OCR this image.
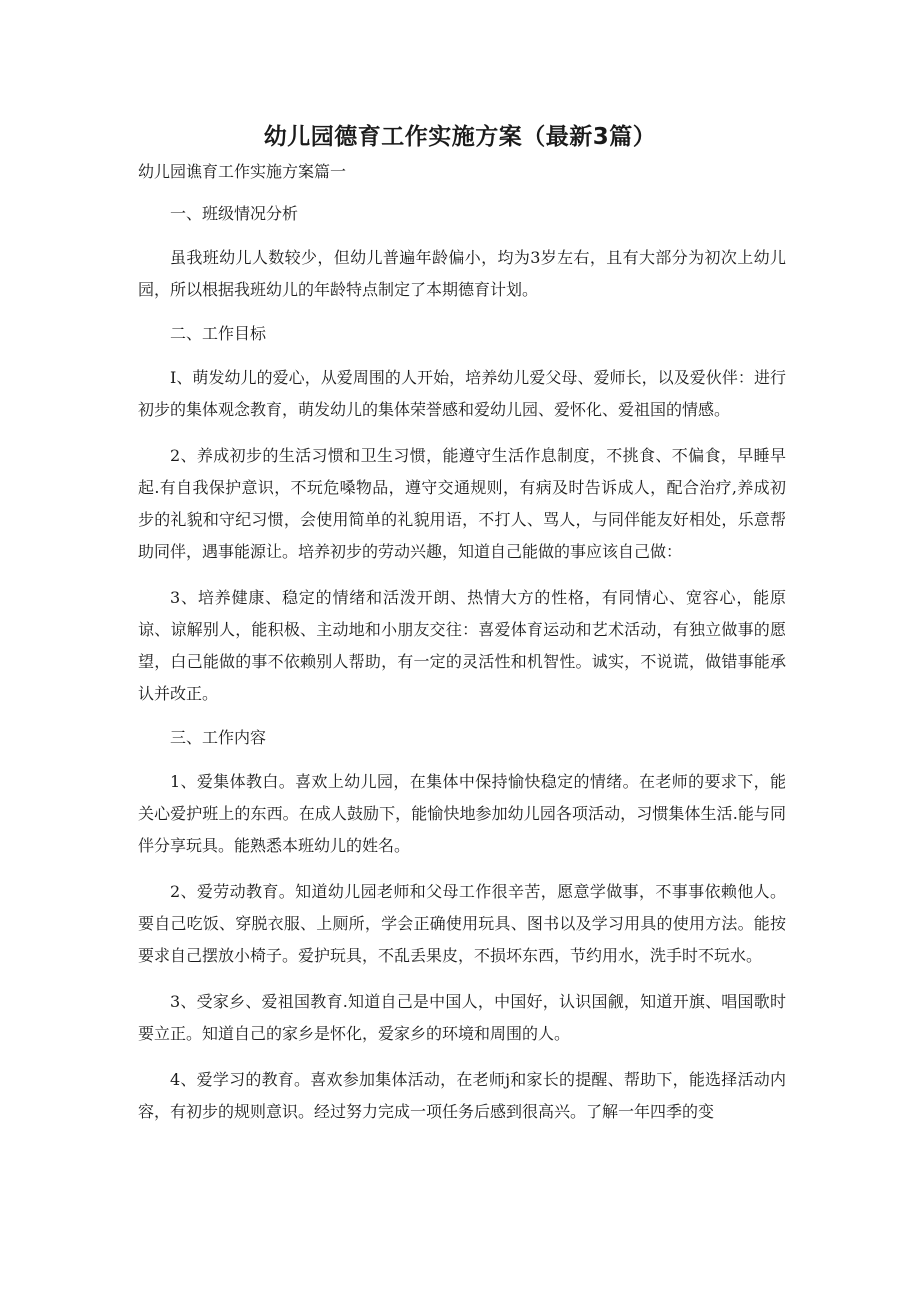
幼儿园德育工作实施方案（最新3篇）

幼儿园谯育工作实施方案篇一

一、班级情况分析

虽我班幼儿人数较少，但幼儿普遍年龄偏小，均为3岁左右，且有大部分为初次上幼儿园，所以根据我班幼儿的年龄特点制定了本期德育计划。

二、工作目标

I、萌发幼儿的爱心，从爱周围的人开始，培养幼儿爱父母、爱师长，以及爱伙伴：进行初步的集体观念教育，萌发幼儿的集体荣誉感和爱幼儿园、爱怀化、爱祖国的情感。

2、养成初步的生活习惯和卫生习惯，能遵守生活作息制度，不挑食、不偏食，早睡早起.有自我保护意识，不玩危嗓物品，遵守交通规则，有病及时告诉成人，配合治疗,养成初步的礼貌和守纪习惯，会使用简单的礼貌用语，不打人、骂人，与同伴能友好相处，乐意帮助同伴，遇事能源让。培养初步的劳动兴趣，知道自己能做的事应该自己做：

3、培养健康、稳定的情绪和活泼开朗、热情大方的性格，有同情心、宽容心，能原谅、谅解别人，能积极、主动地和小朋友交往：喜爱体育运动和艺术活动，有独立做事的愿望，白己能做的事不依赖别人帮助，有一定的灵活性和机智性。诚实，不说谎，做错事能承认并改正。

三、工作内容

1、爱集体教白。喜欢上幼儿园，在集体中保持愉快稳定的情绪。在老师的要求下，能关心爱护班上的东西。在成人鼓励下，能愉快地参加幼儿园各项活动，习惯集体生活.能与同伴分享玩具。能熟悉本班幼儿的姓名。

2、爱劳动教育。知道幼儿园老师和父母工作很辛苦，愿意学做事，不事事依赖他人。要自己吃饭、穿脱衣服、上厕所，学会正确使用玩具、图书以及学习用具的使用方法。能按要求自己摆放小椅子。爱护玩具，不乱丢果皮，不损坏东西，节约用水，洗手时不玩水。

3、受家乡、爱祖国教育.知道自己是中国人，中国好，认识国觎，知道开旗、唱国歌时要立正。知道自己的家乡是怀化，爱家乡的环境和周围的人。

4、爱学习的教育。喜欢参加集体活动，在老师j和家长的提醒、帮助下，能选择活动内容，有初步的规则意识。经过努力完成一项任务后感到很高兴。了解一年四季的变
